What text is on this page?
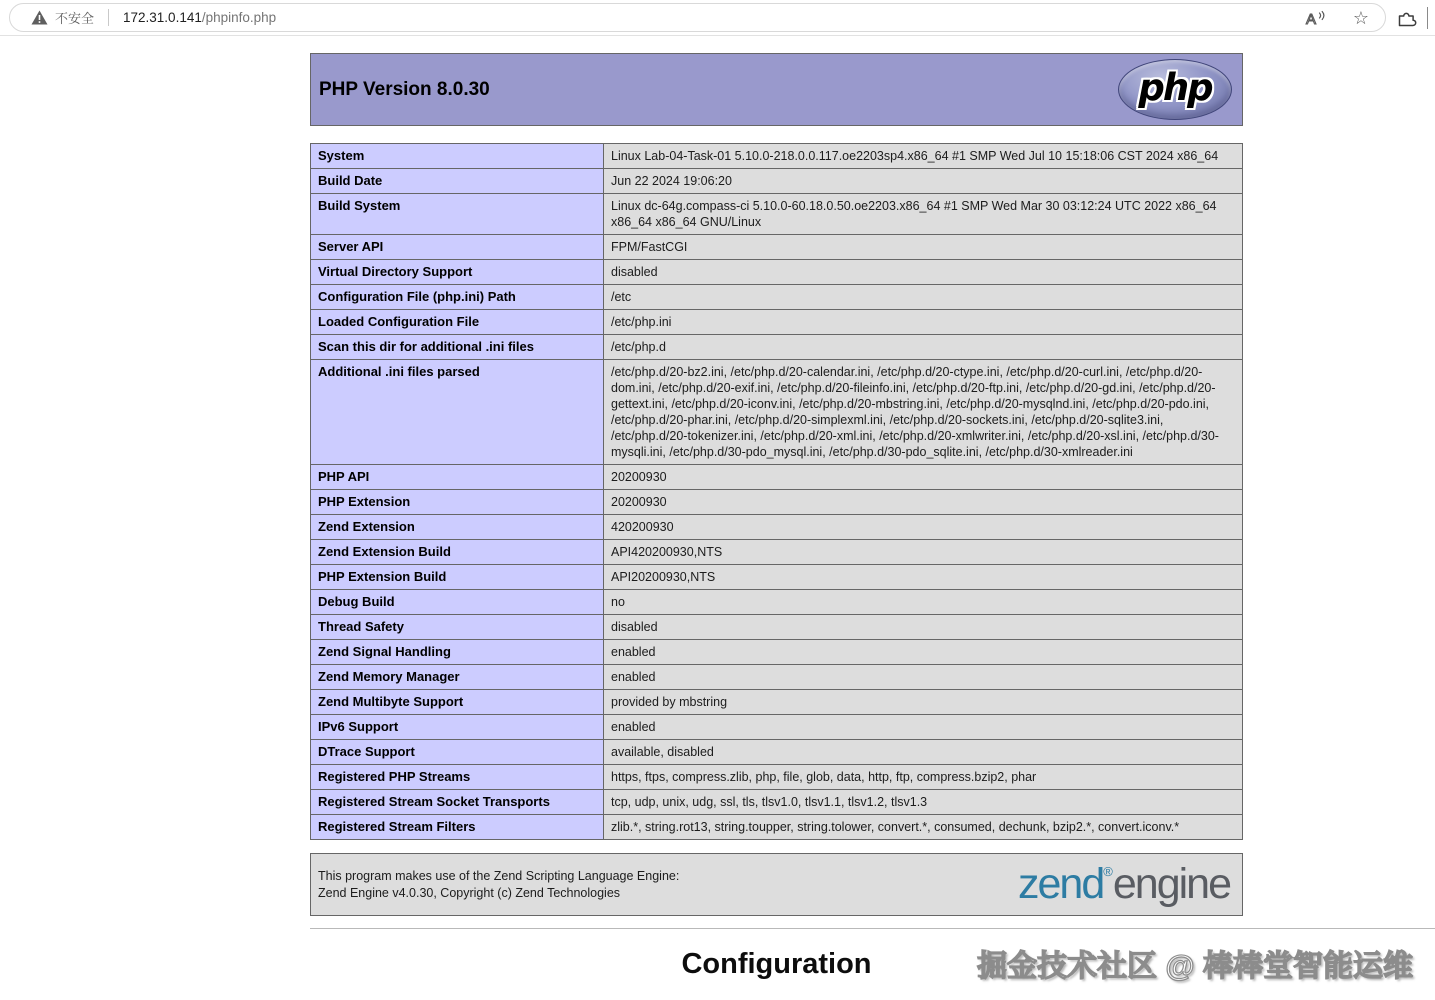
不安全 172.31.0.141/phpinfo.php	A ☆
PHP Version 8.0.30	php
System	Linux Lab-04-Task-01 5.10.0-218.0.0.117.oe2203sp4.x86_64 #1 SMP Wed Jul 10 15:18:06 CST 2024 x86_64
Build Date	Jun 22 2024 19:06:20
Build System	Linux dc-64g.compass-ci 5.10.0-60.18.0.50.oe2203.x86_64 #1 SMP Wed Mar 30 03:12:24 UTC 2022 x86_64 x86_64 x86_64 GNU/Linux
Server API	FPM/FastCGI
Virtual Directory Support	disabled
Configuration File (php.ini) Path	/etc
Loaded Configuration File	/etc/php.ini
Scan this dir for additional .ini files	/etc/php.d
Additional .ini files parsed	/etc/php.d/20-bz2.ini, /etc/php.d/20-calendar.ini, /etc/php.d/20-ctype.ini, /etc/php.d/20-curl.ini, /etc/php.d/20-dom.ini, /etc/php.d/20-exif.ini, /etc/php.d/20-fileinfo.ini, /etc/php.d/20-ftp.ini, /etc/php.d/20-gd.ini, /etc/php.d/20-gettext.ini, /etc/php.d/20-iconv.ini, /etc/php.d/20-mbstring.ini, /etc/php.d/20-mysqlnd.ini, /etc/php.d/20-pdo.ini, /etc/php.d/20-phar.ini, /etc/php.d/20-simplexml.ini, /etc/php.d/20-sockets.ini, /etc/php.d/20-sqlite3.ini, /etc/php.d/20-tokenizer.ini, /etc/php.d/20-xml.ini, /etc/php.d/20-xmlwriter.ini, /etc/php.d/20-xsl.ini, /etc/php.d/30-mysqli.ini, /etc/php.d/30-pdo_mysql.ini, /etc/php.d/30-pdo_sqlite.ini, /etc/php.d/30-xmlreader.ini
PHP API	20200930
PHP Extension	20200930
Zend Extension	420200930
Zend Extension Build	API420200930,NTS
PHP Extension Build	API20200930,NTS
Debug Build	no
Thread Safety	disabled
Zend Signal Handling	enabled
Zend Memory Manager	enabled
Zend Multibyte Support	provided by mbstring
IPv6 Support	enabled
DTrace Support	available, disabled
Registered PHP Streams	https, ftps, compress.zlib, php, file, glob, data, http, ftp, compress.bzip2, phar
Registered Stream Socket Transports	tcp, udp, unix, udg, ssl, tls, tlsv1.0, tlsv1.1, tlsv1.2, tlsv1.3
Registered Stream Filters	zlib.*, string.rot13, string.toupper, string.tolower, convert.*, consumed, dechunk, bzip2.*, convert.iconv.*
This program makes use of the Zend Scripting Language Engine:
Zend Engine v4.0.30, Copyright (c) Zend Technologies	zend®engine
Configuration	掘金技术社区 @ 棒棒堂智能运维
